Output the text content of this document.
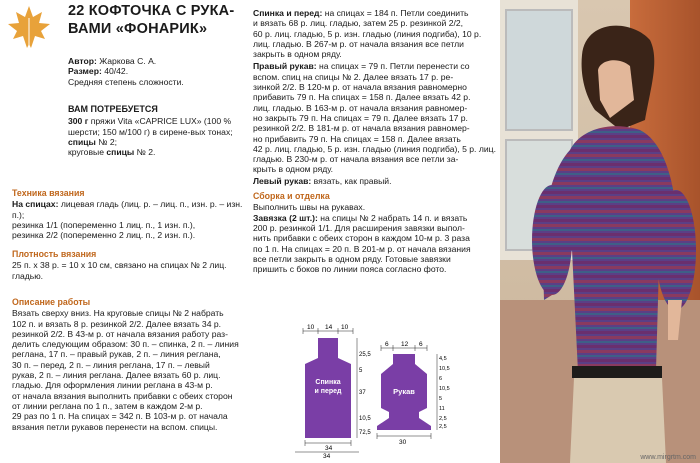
22 КОФТОЧКА С РУКА-
ВАМИ «ФОНАРИК»

Автор: Жаркова С. А.

Размер: 40/42.

Средняя степень сложности.

ВАМ ПОТРЕБУЕТСЯ

300 г пряжи Vita «CAPRICE LUX» (100 % шерсти; 150 м/100 г) в сирене-вых тонах;

спицы № 2;

круговые спицы № 2.

Техника вязания

На спицах: лицевая гладь (лиц. р. – лиц. п., изн. р. – изн. п.);

резинка 1/1 (попеременно 1 лиц. п., 1 изн. п.),

резинка 2/2 (попеременно 2 лиц. п., 2 изн. п.).

Плотность вязания

25 п. х 38 р. = 10 х 10 см, связано на спицах № 2 лиц. гладью.

Описание работы

Вязать сверху вниз. На круговые спицы № 2 набрать

102 п. и вязать 8 р. резинкой 2/2. Далее вязать 34 р.

резинкой 2/2. В 43-м р. от начала вязания работу раз-

делить следующим образом: 30 п. – спинка, 2 п. – линия

реглана, 17 п. – правый рукав, 2 п. – линия реглана,

30 п. – перед, 2 п. – линия реглана, 17 п. – левый

рукав, 2 п. – линия реглана. Далее вязать 60 р. лиц.

гладью. Для оформления линии реглана в 43-м р.

от начала вязания выполнить прибавки с обеих сторон

от линии реглана по 1 п., затем в каждом 2-м р.

29 раз по 1 п. На спицах = 342 п. В 103-м р. от начала

вязания петли рукавов перенести на вспом. спицы.

Спинка и перед: на спицах = 184 п. Петли соединить

и вязать 68 р. лиц. гладью, затем 25 р. резинкой 2/2,

60 р. лиц. гладью, 5 р. изн. гладью (линия подгиба), 10 р.

лиц. гладью. В 267-м р. от начала вязания все петли

закрыть в одном ряду.

Правый рукав: на спицах = 79 п. Петли перенести со

вспом. спиц на спицы № 2. Далее вязать 17 р. ре-

зинкой 2/2. В 120-м р. от начала вязания равномерно

прибавить 79 п. На спицах = 158 п. Далее вязать 42 р.

лиц. гладью. В 163-м р. от начала вязания равномер-

но закрыть 79 п. На спицах = 79 п. Далее вязать 17 р.

резинкой 2/2. В 181-м р. от начала вязания равномер-

но прибавить 79 п. На спицах = 158 п. Далее вязать

42 р. лиц. гладью, 5 р. изн. гладью (линия подгиба), 5 р. лиц.

гладью. В 230-м р. от начала вязания все петли за-

крыть в одном ряду.

Левый рукав: вязать, как правый.

Сборка и отделка

Выполнить швы на рукавах.

Завязка (2 шт.): на спицы № 2 набрать 14 п. и вязать

200 р. резинкой 1/1. Для расширения завязки выпол-

нить прибавки с обеих сторон в каждом 10-м р. 3 раза

по 1 п. На спицах = 20 п. В 201-м р. от начала вязания

все петли закрыть в одном ряду. Готовые завязки

пришить с боков по линии пояса согласно фото.

10 14 10
Спинка
и перед
34
34
25,5
5
37
10,5
72,5
6 12 6
Рукав
30
4,5
10,5
6
10,5
5
11
2,5
2,5
www.mirgrtm.com
